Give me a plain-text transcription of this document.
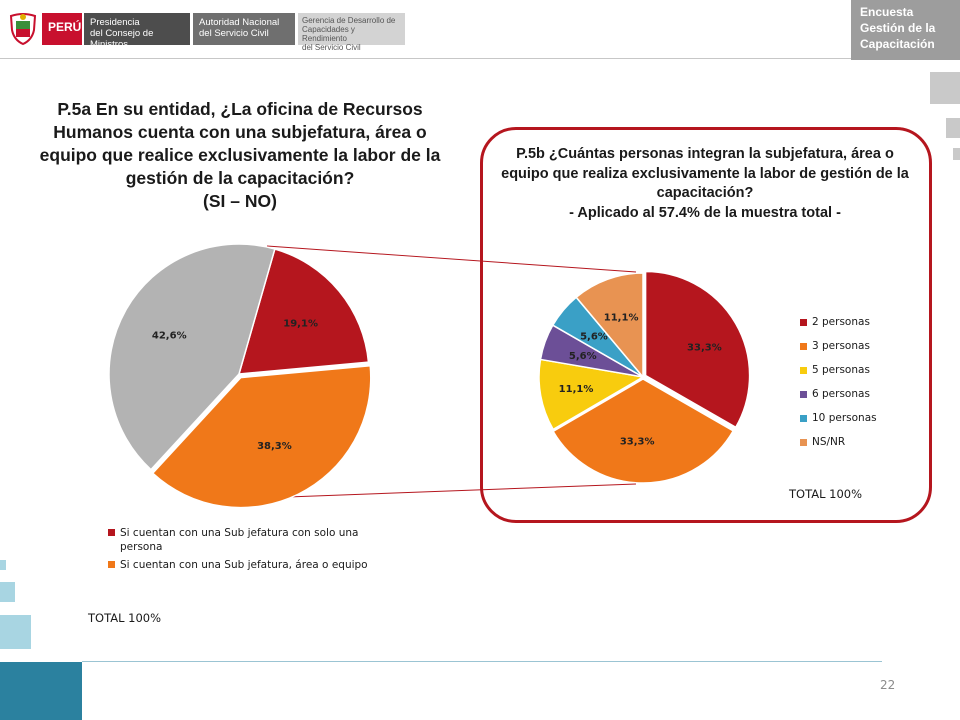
PERÚ Presidencia
del Consejo de Ministros
Autoridad Nacional
del Servicio Civil
Gerencia de Desarrollo de
Capacidades y Rendimiento
del Servicio Civil
Encuesta
Gestión de la
Capacitación
P.5a En su entidad, ¿La oficina de Recursos Humanos cuenta con una subjefatura, área o equipo que realice exclusivamente la labor de la gestión de la capacitación?
(SI – NO)
P.5b ¿Cuántas personas integran la subjefatura, área o equipo que realiza exclusivamente la labor de gestión de la capacitación?
- Aplicado al 57.4% de la muestra total -
19,1%
38,3%
42,6%
33,3%
33,3%
11,1%
5,6%
5,6%
11,1%
Si cuentan con una Sub jefatura con solo una persona
Si cuentan con una Sub jefatura, área o equipo
TOTAL 100%
2 personas
3 personas
5 personas
6 personas
10 personas
NS/NR
TOTAL 100%
22
